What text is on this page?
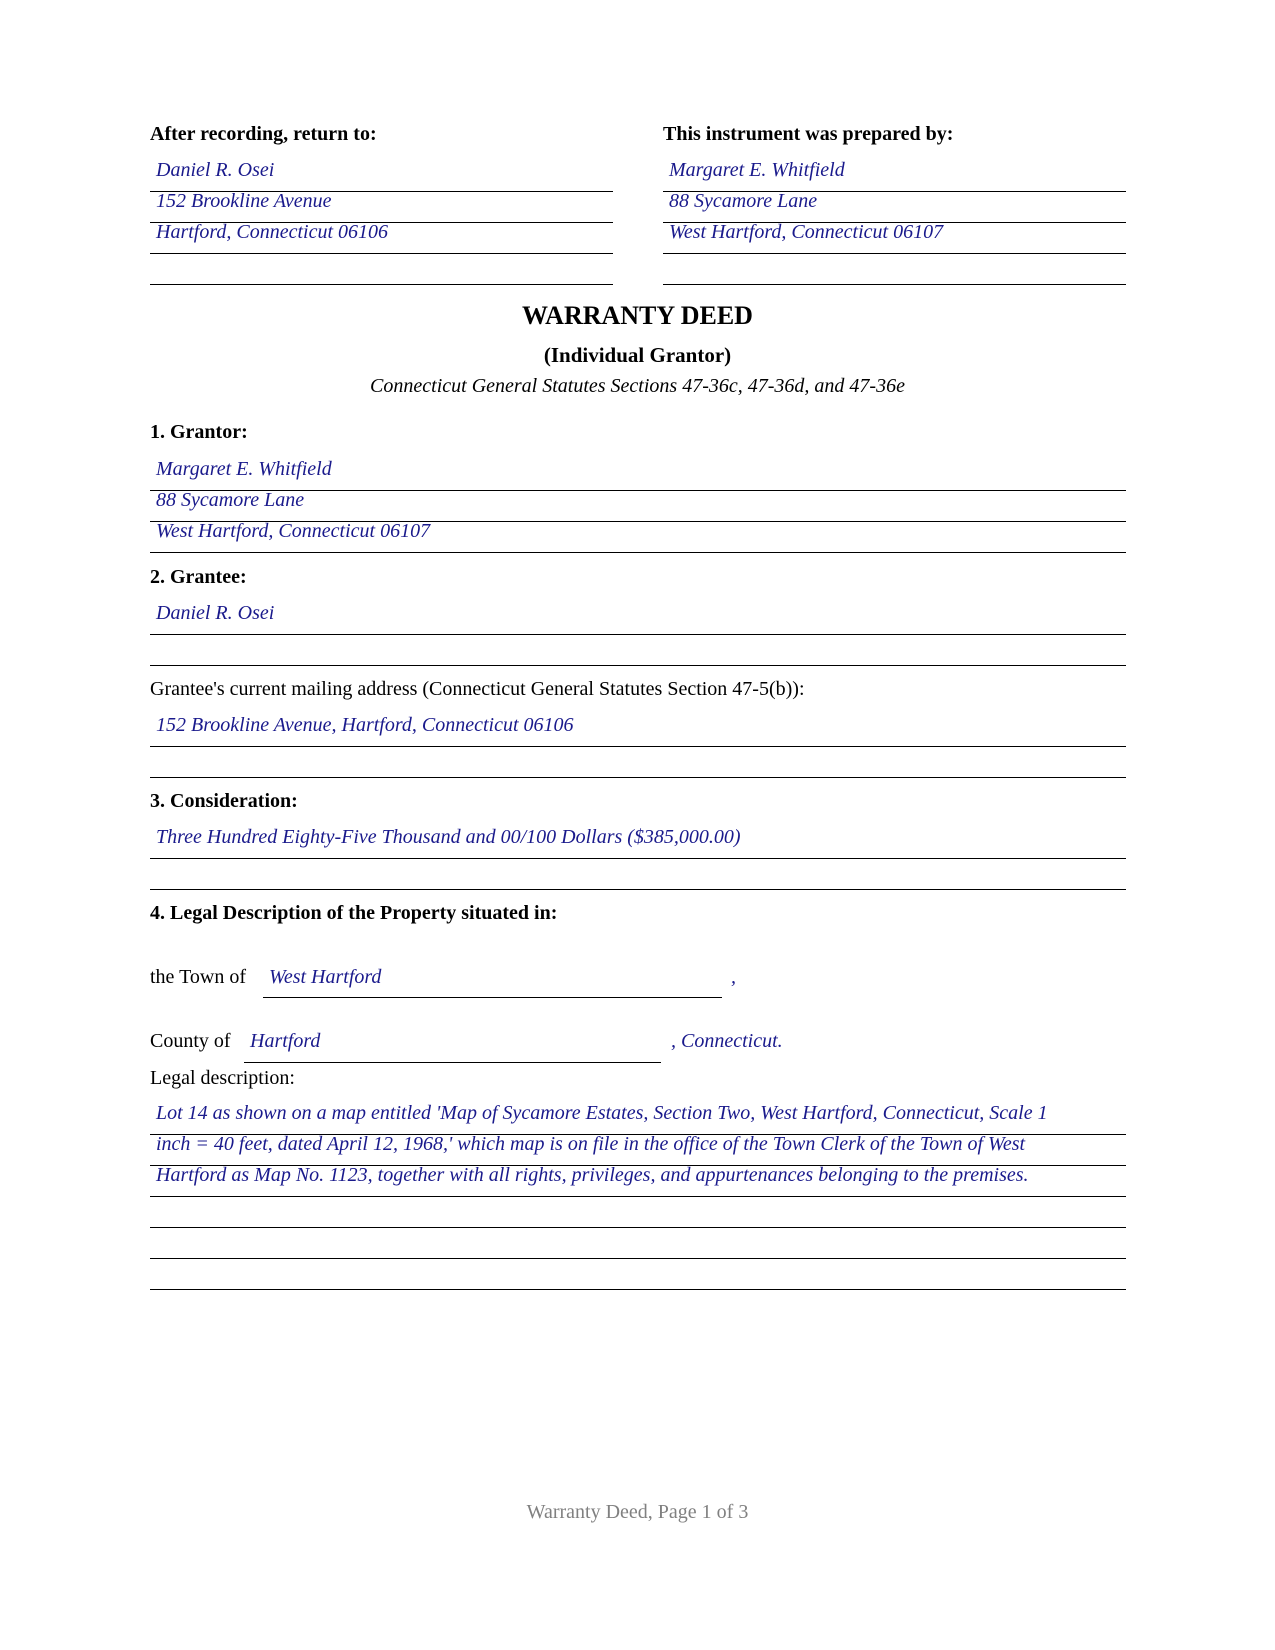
After recording, return to:
Daniel R. Osei
152 Brookline Avenue
Hartford, Connecticut 06106
This instrument was prepared by:
Margaret E. Whitfield
88 Sycamore Lane
West Hartford, Connecticut 06107
WARRANTY DEED
(Individual Grantor)
Connecticut General Statutes Sections 47-36c, 47-36d, and 47-36e
1. Grantor:
Margaret E. Whitfield
88 Sycamore Lane
West Hartford, Connecticut 06107
2. Grantee:
Daniel R. Osei
Grantee's current mailing address (Connecticut General Statutes Section 47-5(b)):
152 Brookline Avenue, Hartford, Connecticut 06106
3. Consideration:
Three Hundred Eighty-Five Thousand and 00/100 Dollars ($385,000.00)
4. Legal Description of the Property situated in:
the Town of West Hartford	,
County of Hartford	, Connecticut.
Legal description:
Lot 14 as shown on a map entitled 'Map of Sycamore Estates, Section Two, West Hartford, Connecticut, Scale 1
inch = 40 feet, dated April 12, 1968,' which map is on file in the office of the Town Clerk of the Town of West
Hartford as Map No. 1123, together with all rights, privileges, and appurtenances belonging to the premises.
Warranty Deed, Page 1 of 3
